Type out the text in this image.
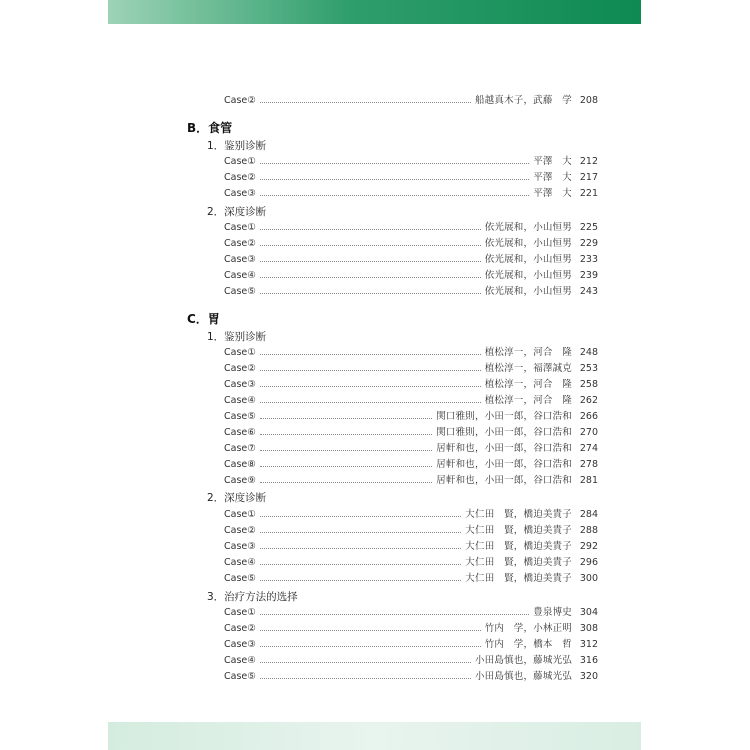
Case②	船越真木子，武藤　学 208
B．食管
1．鉴别诊断
Case①	平澤　大 212
Case②	平澤　大 217
Case③	平澤　大 221
2．深度诊断
Case①	依光展和，小山恒男 225
Case②	依光展和，小山恒男 229
Case③	依光展和，小山恒男 233
Case④	依光展和，小山恒男 239
Case⑤	依光展和，小山恒男 243
C．胃
1．鉴别诊断
Case①	植松淳一，河合　隆 248
Case②	植松淳一，福澤誠克 253
Case③	植松淳一，河合　隆 258
Case④	植松淳一，河合　隆 262
Case⑤	関口雅則，小田一郎，谷口浩和 266
Case⑥	関口雅則，小田一郎，谷口浩和 270
Case⑦	居軒和也，小田一郎，谷口浩和 274
Case⑧	居軒和也，小田一郎，谷口浩和 278
Case⑨	居軒和也，小田一郎，谷口浩和 281
2．深度诊断
Case①	大仁田　賢，橋迫美貴子 284
Case②	大仁田　賢，橋迫美貴子 288
Case③	大仁田　賢，橋迫美貴子 292
Case④	大仁田　賢，橋迫美貴子 296
Case⑤	大仁田　賢，橋迫美貴子 300
3．治疗方法的选择
Case①	豊泉博史 304
Case②	竹内　学，小林正明 308
Case③	竹内　学，橋本　哲 312
Case④	小田島慎也，藤城光弘 316
Case⑤	小田島慎也，藤城光弘 320
